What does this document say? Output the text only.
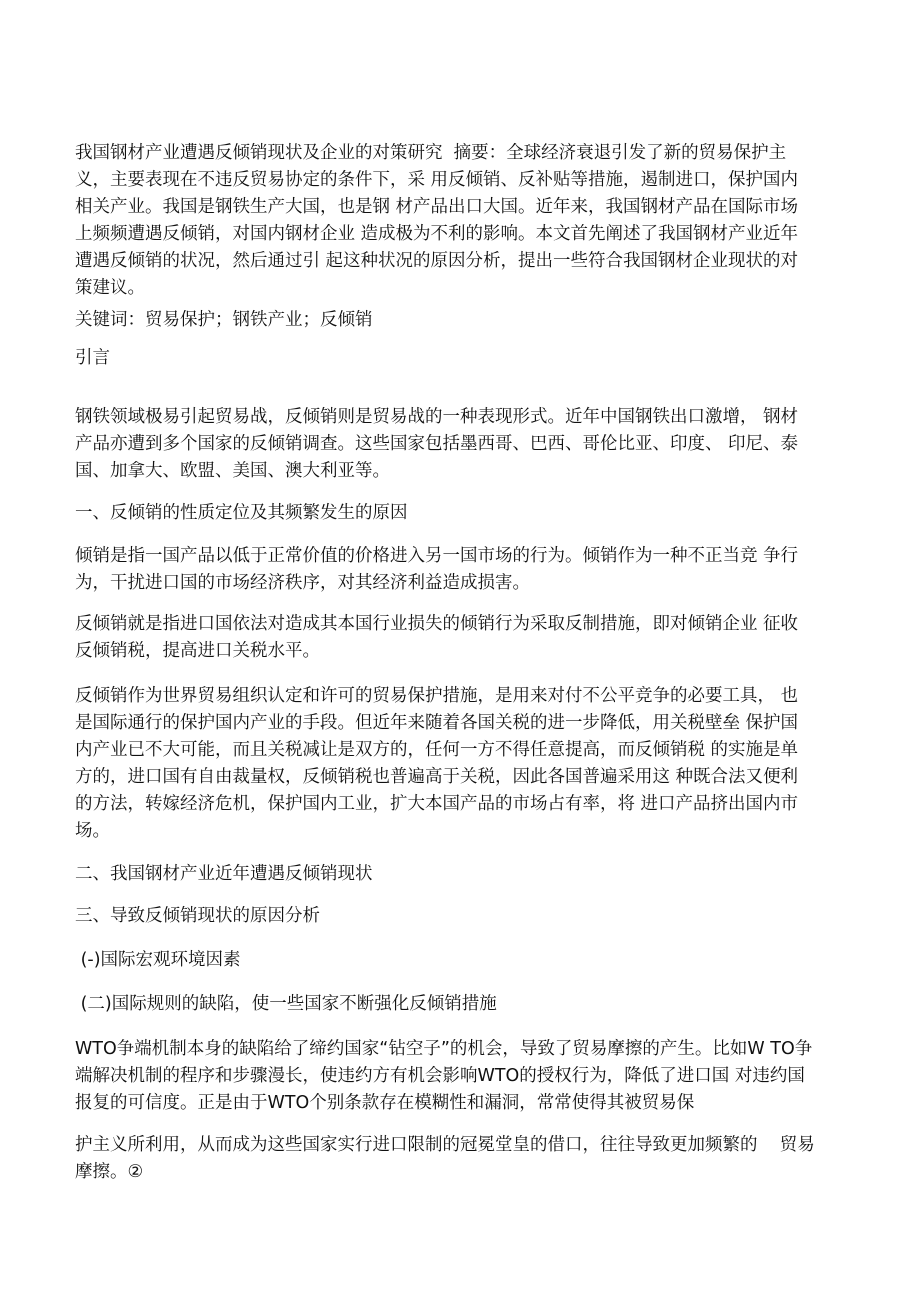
我国钢材产业遭遇反倾销现状及企业的对策研究  摘要：全球经济衰退引发了新的贸易保护主
义，主要表现在不违反贸易协定的条件下，采 用反倾销、反补贴等措施，遏制进口，保护国内
相关产业。我国是钢铁生产大国，也是钢 材产品出口大国。近年来，我国钢材产品在国际市场
上频频遭遇反倾销，对国内钢材企业 造成极为不利的影响。本文首先阐述了我国钢材产业近年
遭遇反倾销的状况，然后通过引 起这种状况的原因分析，提出一些符合我国钢材企业现状的对
策建议。
关键词：贸易保护；钢铁产业；反倾销
引言
钢铁领域极易引起贸易战，反倾销则是贸易战的一种表现形式。近年中国钢铁出口激增， 钢材
产品亦遭到多个国家的反倾销调查。这些国家包括墨西哥、巴西、哥伦比亚、印度、 印尼、泰
国、加拿大、欧盟、美国、澳大利亚等。
一、反倾销的性质定位及其频繁发生的原因
倾销是指一国产品以低于正常价值的价格进入另一国市场的行为。倾销作为一种不正当竞 争行
为，干扰进口国的市场经济秩序，对其经济利益造成损害。
反倾销就是指进口国依法对造成其本国行业损失的倾销行为采取反制措施，即对倾销企业 征收
反倾销税，提高进口关税水平。
反倾销作为世界贸易组织认定和许可的贸易保护措施，是用来对付不公平竞争的必要工具， 也
是国际通行的保护国内产业的手段。但近年来随着各国关税的进一步降低，用关税壁垒 保护国
内产业已不大可能，而且关税减让是双方的，任何一方不得任意提高，而反倾销税 的实施是单
方的，进口国有自由裁量权，反倾销税也普遍高于关税，因此各国普遍采用这 种既合法又便利
的方法，转嫁经济危机，保护国内工业，扩大本国产品的市场占有率，将 进口产品挤出国内市
场。
二、我国钢材产业近年遭遇反倾销现状
三、导致反倾销现状的原因分析
(-)国际宏观环境因素
(二)国际规则的缺陷，使一些国家不断强化反倾销措施
WTO争端机制本身的缺陷给了缔约国家“钻空子”的机会，导致了贸易摩擦的产生。比如W TO争
端解决机制的程序和步骤漫长，使违约方有机会影响WTO的授权行为，降低了进口国 对违约国
报复的可信度。正是由于WTO个别条款存在模糊性和漏洞，常常使得其被贸易保
护主义所利用，从而成为这些国家实行进口限制的冠冕堂皇的借口，往往导致更加频繁的    贸易
摩擦。②
